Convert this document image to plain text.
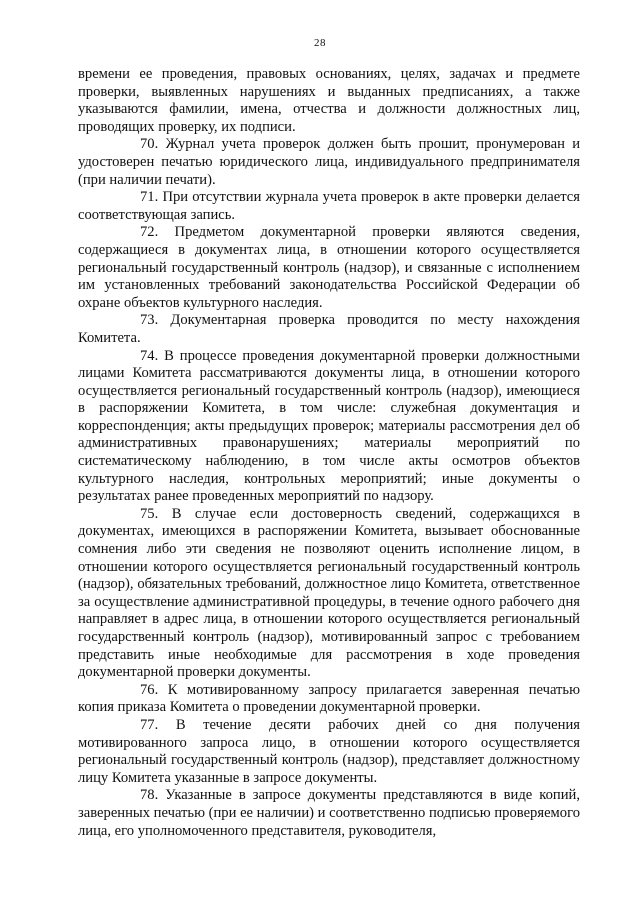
28

времени ее проведения, правовых основаниях, целях, задачах и предмете проверки, выявленных нарушениях и выданных предписаниях, а также указываются фамилии, имена, отчества и должности должностных лиц, проводящих проверку, их подписи.

70. Журнал учета проверок должен быть прошит, пронумерован и удостоверен печатью юридического лица, индивидуального предпринимателя (при наличии печати).

71. При отсутствии журнала учета проверок в акте проверки делается соответствующая запись.

72. Предметом документарной проверки являются сведения, содержащиеся в документах лица, в отношении которого осуществляется региональный государственный контроль (надзор), и связанные с исполнением им установленных требований законодательства Российской Федерации об охране объектов культурного наследия.

73. Документарная проверка проводится по месту нахождения Комитета.

74. В процессе проведения документарной проверки должностными лицами Комитета рассматриваются документы лица, в отношении которого осуществляется региональный государственный контроль (надзор), имеющиеся в распоряжении Комитета, в том числе: служебная документация и корреспонденция; акты предыдущих проверок; материалы рассмотрения дел об административных правонарушениях; материалы мероприятий по систематическому наблюдению, в том числе акты осмотров объектов культурного наследия, контрольных мероприятий; иные документы о результатах ранее проведенных мероприятий по надзору.

75. В случае если достоверность сведений, содержащихся в документах, имеющихся в распоряжении Комитета, вызывает обоснованные сомнения либо эти сведения не позволяют оценить исполнение лицом, в отношении которого осуществляется региональный государственный контроль (надзор), обязательных требований, должностное лицо Комитета, ответственное за осуществление административной процедуры, в течение одного рабочего дня направляет в адрес лица, в отношении которого осуществляется региональный государственный контроль (надзор), мотивированный запрос с требованием представить иные необходимые для рассмотрения в ходе проведения документарной проверки документы.

76. К мотивированному запросу прилагается заверенная печатью копия приказа Комитета о проведении документарной проверки.

77. В течение десяти рабочих дней со дня получения мотивированного запроса лицо, в отношении которого осуществляется региональный государственный контроль (надзор), представляет должностному лицу Комитета указанные в запросе документы.

78. Указанные в запросе документы представляются в виде копий, заверенных печатью (при ее наличии) и соответственно подписью проверяемого лица, его уполномоченного представителя, руководителя,
